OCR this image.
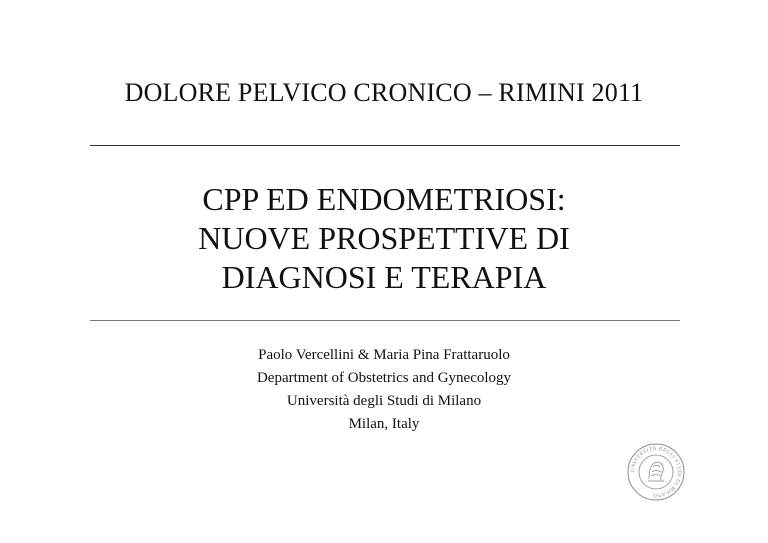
DOLORE PELVICO CRONICO – RIMINI 2011
CPP ED ENDOMETRIOSI:
NUOVE PROSPETTIVE DI
DIAGNOSI E TERAPIA
Paolo Vercellini & Maria Pina Frattaruolo
Department of Obstetrics and Gynecology
Università degli Studi di Milano
Milan, Italy
UNIVERSITÀ DEGLI STUDI DI MILANO
